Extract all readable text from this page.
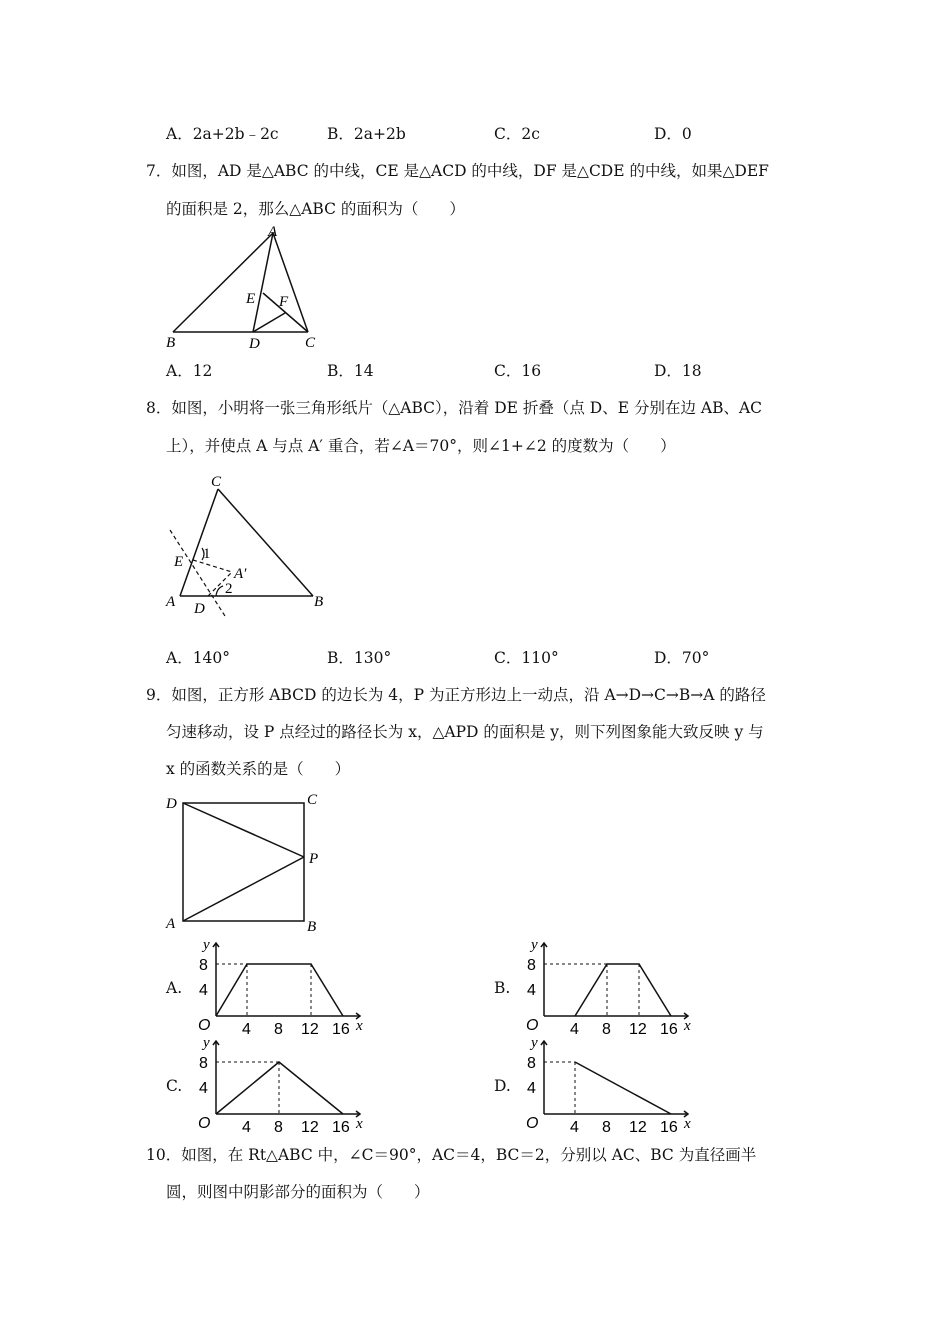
A．2a+2b﹣2c	B．2a+2b	C．2c	D．0
7．如图，AD 是△ABC 的中线，CE 是△ACD 的中线，DF 是△CDE 的中线，如果△DEF
的面积是 2，那么△ABC 的面积为（　　）
A
B	C
D
E F
A．12	B．14	C．16	D．18
8．如图，小明将一张三角形纸片（△ABC），沿着 DE 折叠（点 D、E 分别在边 AB、AC
上），并使点 A 与点 A′ 重合，若∠A＝70°，则∠1+∠2 的度数为（　　）
C
E 1
A′
2
A D	B
A．140°	B．130°	C．110°	D．70°
9．如图，正方形 ABCD 的边长为 4，P 为正方形边上一动点，沿 A→D→C→B→A 的路径
匀速移动，设 P 点经过的路径长为 x，△APD 的面积是 y，则下列图象能大致反映 y 与
x 的函数关系的是（　　）
D	C
P
A	B
A.
y
x
O
8
4
4 8 12 16
B.
y
x
O
8
4
4 8 12 16
C.
y
x
O
8
4
4 8 12 16
D.
y
x
O
8
4
4 8 12 16
10．如图，在 Rt△ABC 中，∠C＝90°，AC＝4，BC＝2，分别以 AC、BC 为直径画半
圆，则图中阴影部分的面积为（　　）
